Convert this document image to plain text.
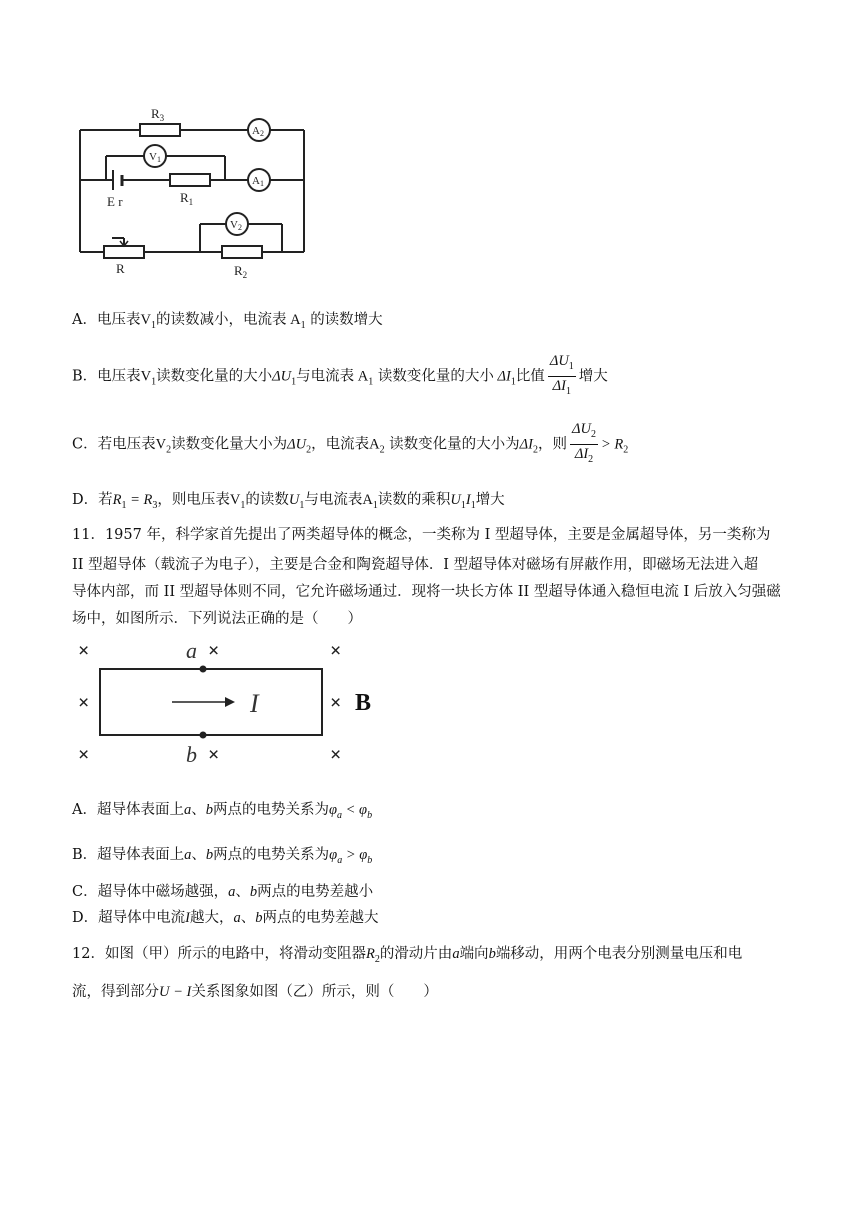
$R_3$
A2
V1
A1
E r	$R_1$
V2
R	$R_2$
A．电压表$V_1$的读数减小，电流表 $A_1$ 的读数增大
B．电压表$V_1$读数变化量的大小$\Delta U_1$与电流表 $A_1$ 读数变化量的大小 $\Delta I_1$比值 $\frac{\Delta U_1}{\Delta I_1}$ 增大
C．若电压表$V_2$读数变化量大小为$\Delta U_2$，电流表$A_2$ 读数变化量的大小为$\Delta I_2$，则 $\frac{\Delta U_2}{\Delta I_2} > R_2$
D．若$R_1 = R_3$，则电压表$V_1$的读数$U_1$与电流表$A_1$读数的乘积$U_1I_1$增大
11．1957 年，科学家首先提出了两类超导体的概念，一类称为 I 型超导体，主要是金属超导体，另一类称为
II 型超导体（载流子为电子），主要是合金和陶瓷超导体．I 型超导体对磁场有屏蔽作用，即磁场无法进入超
导体内部，而 II 型超导体则不同，它允许磁场通过．现将一块长方体 II 型超导体通入稳恒电流 I 后放入匀强磁
场中，如图所示．下列说法正确的是（　　）
×	×	×
×	×
×	×	×
a
b
I	B
A．超导体表面上a、b两点的电势关系为$\varphi_a < \varphi_b$
B．超导体表面上a、b两点的电势关系为$\varphi_a > \varphi_b$
C．超导体中磁场越强，a、b两点的电势差越小
D．超导体中电流I越大，a、b两点的电势差越大
12．如图（甲）所示的电路中，将滑动变阻器$R_2$的滑动片由a端向b端移动，用两个电表分别测量电压和电
流，得到部分U − I关系图象如图（乙）所示，则（　　）
